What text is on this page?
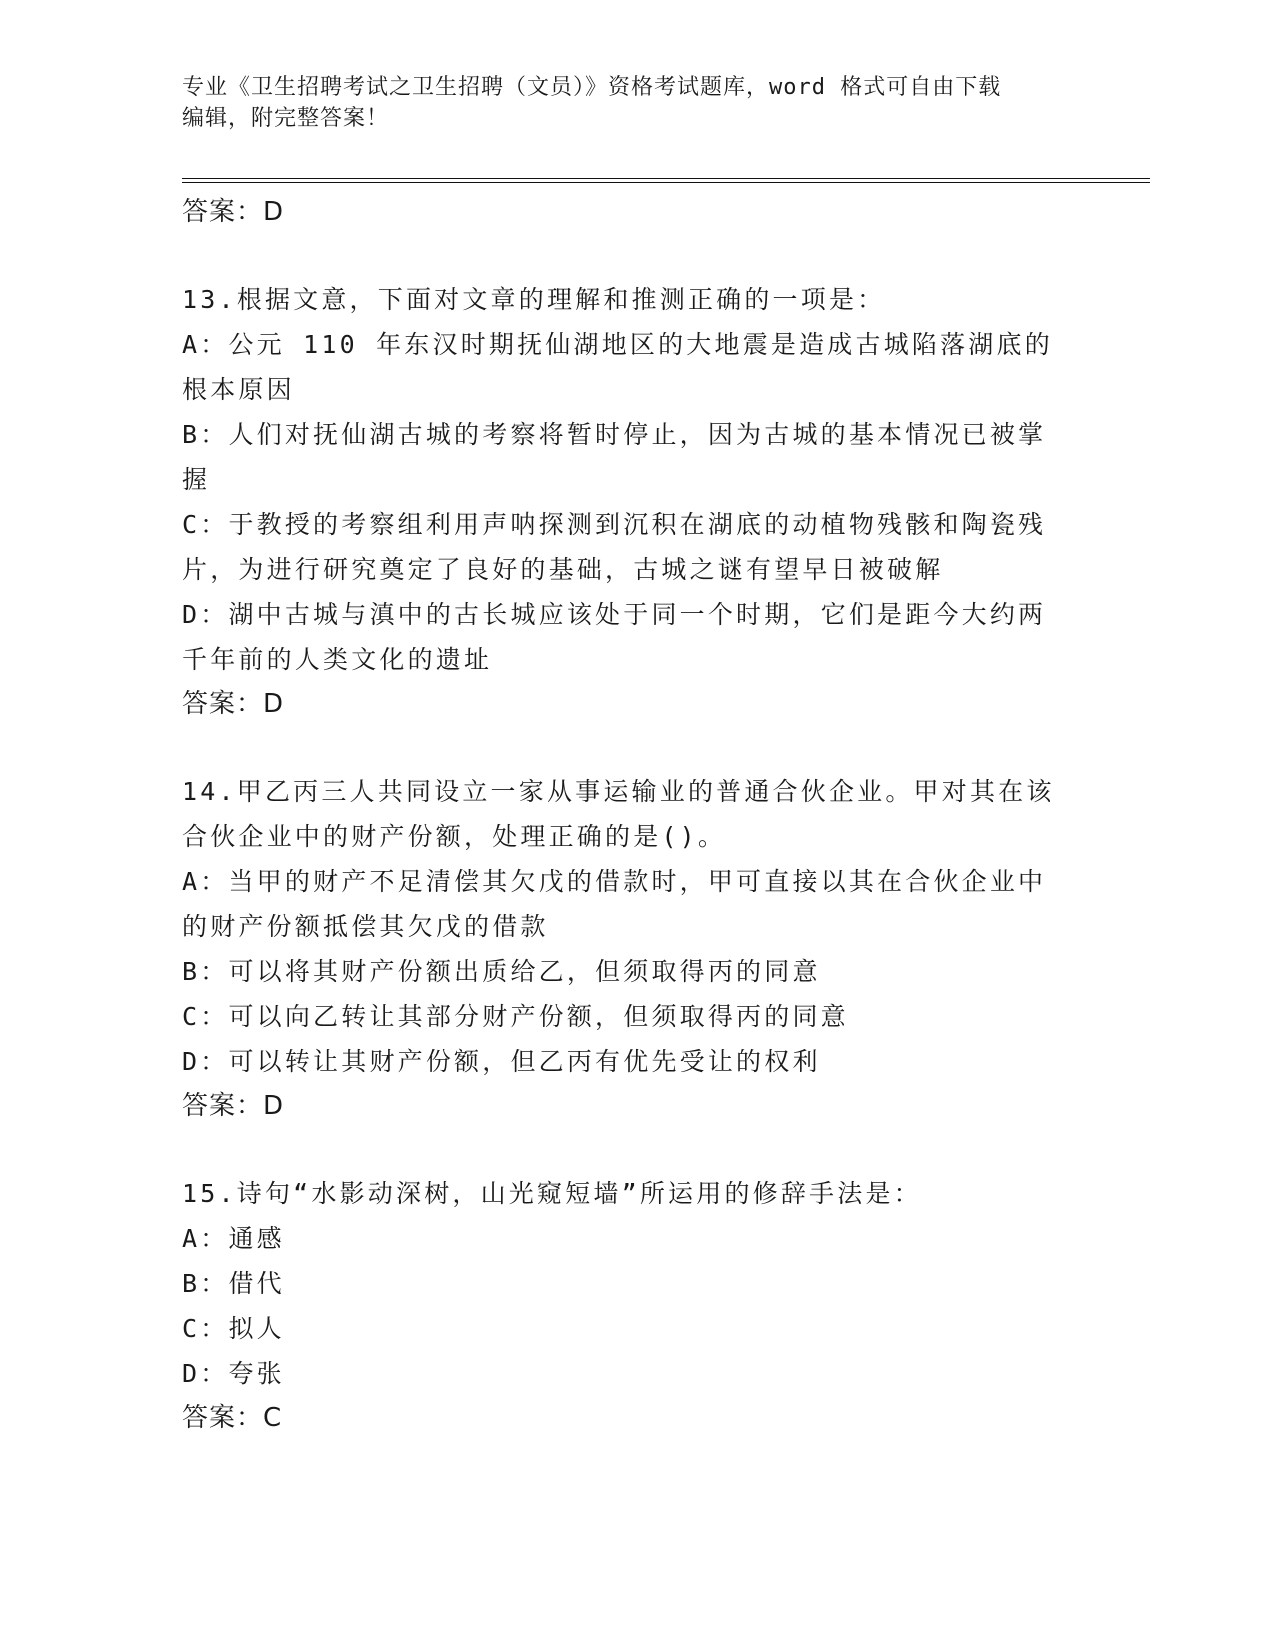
专业《卫生招聘考试之卫生招聘（文员）》资格考试题库，word 格式可自由下载
编辑，附完整答案！
答案：D
13.根据文意，下面对文章的理解和推测正确的一项是：
A：公元 110 年东汉时期抚仙湖地区的大地震是造成古城陷落湖底的根本原因
B：人们对抚仙湖古城的考察将暂时停止，因为古城的基本情况已被掌握
C：于教授的考察组利用声呐探测到沉积在湖底的动植物残骸和陶瓷残片，为进行研究奠定了良好的基础，古城之谜有望早日被破解
D：湖中古城与滇中的古长城应该处于同一个时期，它们是距今大约两千年前的人类文化的遗址
答案：D
14.甲乙丙三人共同设立一家从事运输业的普通合伙企业。甲对其在该合伙企业中的财产份额，处理正确的是()。
A：当甲的财产不足清偿其欠戊的借款时，甲可直接以其在合伙企业中的财产份额抵偿其欠戊的借款
B：可以将其财产份额出质给乙，但须取得丙的同意
C：可以向乙转让其部分财产份额，但须取得丙的同意
D：可以转让其财产份额，但乙丙有优先受让的权利
答案：D
15.诗句“水影动深树，山光窥短墙”所运用的修辞手法是：
A：通感
B：借代
C：拟人
D：夸张
答案：C
